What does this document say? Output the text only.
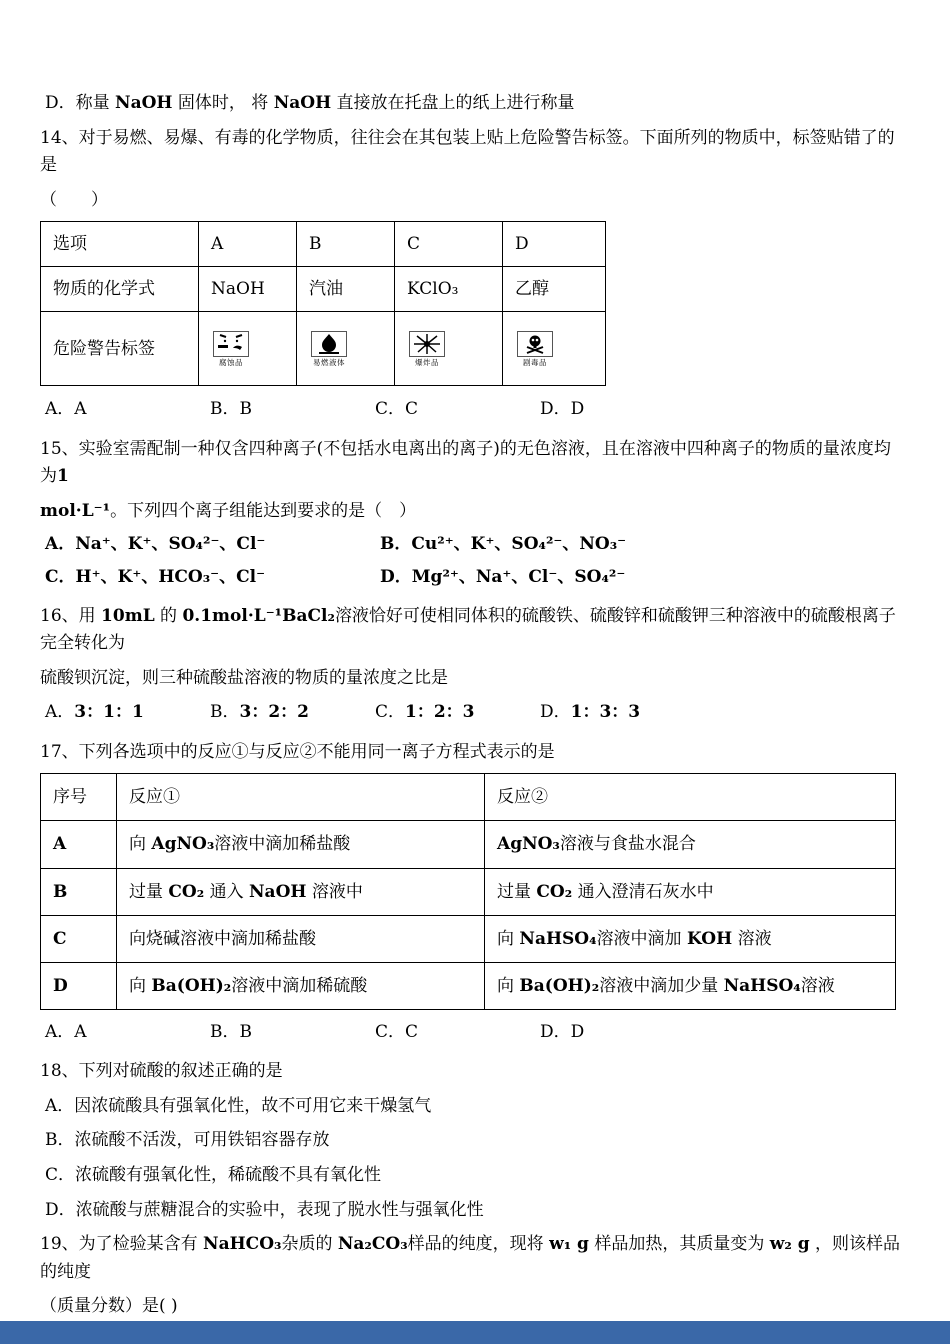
D．称量 NaOH 固体时， 将 NaOH 直接放在托盘上的纸上进行称量

14、对于易燃、易爆、有毒的化学物质，往往会在其包装上贴上危险警告标签。下面所列的物质中，标签贴错了的是

（　　）

选项	A	B	C	D
物质的化学式	NaOH	汽油	KClO₃	乙醇
危险警告标签	腐蚀品	易燃液体	爆炸品	剧毒品
A．A	B．B	C．C	D．D

15、实验室需配制一种仅含四种离子(不包括水电离出的离子)的无色溶液，且在溶液中四种离子的物质的量浓度均为1

mol·L⁻¹。下列四个离子组能达到要求的是（　）

A．Na⁺、K⁺、SO₄²⁻、Cl⁻	B．Cu²⁺、K⁺、SO₄²⁻、NO₃⁻
C．H⁺、K⁺、HCO₃⁻、Cl⁻	D．Mg²⁺、Na⁺、Cl⁻、SO₄²⁻

16、用 10mL 的 0.1mol·L⁻¹BaCl₂溶液恰好可使相同体积的硫酸铁、硫酸锌和硫酸钾三种溶液中的硫酸根离子完全转化为

硫酸钡沉淀，则三种硫酸盐溶液的物质的量浓度之比是

A．3：1：1	B．3：2：2	C．1：2：3	D．1：3：3

17、下列各选项中的反应①与反应②不能用同一离子方程式表示的是

序号	反应①	反应②
A	向 AgNO₃溶液中滴加稀盐酸	AgNO₃溶液与食盐水混合
B	过量 CO₂ 通入 NaOH 溶液中	过量 CO₂ 通入澄清石灰水中
C	向烧碱溶液中滴加稀盐酸	向 NaHSO₄溶液中滴加 KOH 溶液
D	向 Ba(OH)₂溶液中滴加稀硫酸	向 Ba(OH)₂溶液中滴加少量 NaHSO₄溶液
A．A	B．B	C．C	D．D

18、下列对硫酸的叙述正确的是

A．因浓硫酸具有强氧化性，故不可用它来干燥氢气

B．浓硫酸不活泼，可用铁铝容器存放

C．浓硫酸有强氧化性，稀硫酸不具有氧化性

D．浓硫酸与蔗糖混合的实验中，表现了脱水性与强氧化性

19、为了检验某含有 NaHCO₃杂质的 Na₂CO₃样品的纯度，现将 w₁ g 样品加热，其质量变为 w₂ g ，则该样品的纯度

（质量分数）是( )
